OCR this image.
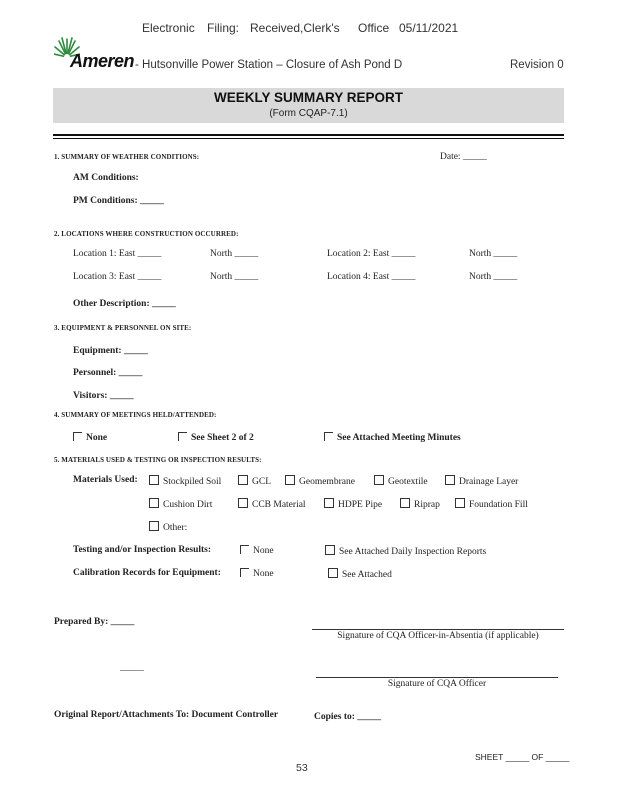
Electronic Filing: Received,Clerk's Office 05/11/2021
Ameren - Hutsonville Power Station – Closure of Ash Pond D	Revision 0
WEEKLY SUMMARY REPORT
(Form CQAP-7.1)
1. SUMMARY OF WEATHER CONDITIONS:	Date: _____
AM Conditions:
PM Conditions: _____
2. LOCATIONS WHERE CONSTRUCTION OCCURRED:
Location 1: East _____	North _____	Location 2: East _____	North _____
Location 3: East _____	North _____	Location 4: East _____	North _____
Other Description: _____
3. EQUIPMENT & PERSONNEL ON SITE:
Equipment: _____
Personnel: _____
Visitors: _____
4. SUMMARY OF MEETINGS HELD/ATTENDED:
None	See Sheet 2 of 2	See Attached Meeting Minutes
5. MATERIALS USED & TESTING OR INSPECTION RESULTS:
Materials Used:	Stockpiled Soil	GCL	Geomembrane	Geotextile	Drainage Layer
Cushion Dirt	CCB Material	HDPE Pipe	Riprap	Foundation Fill
Other:
Testing and/or Inspection Results:	None	See Attached Daily Inspection Reports
Calibration Records for Equipment:	None	See Attached
Prepared By: _____
Signature of CQA Officer-in-Absentia (if applicable)
_____
Signature of CQA Officer
Original Report/Attachments To: Document Controller	Copies to: _____
SHEET _____ OF _____
53
